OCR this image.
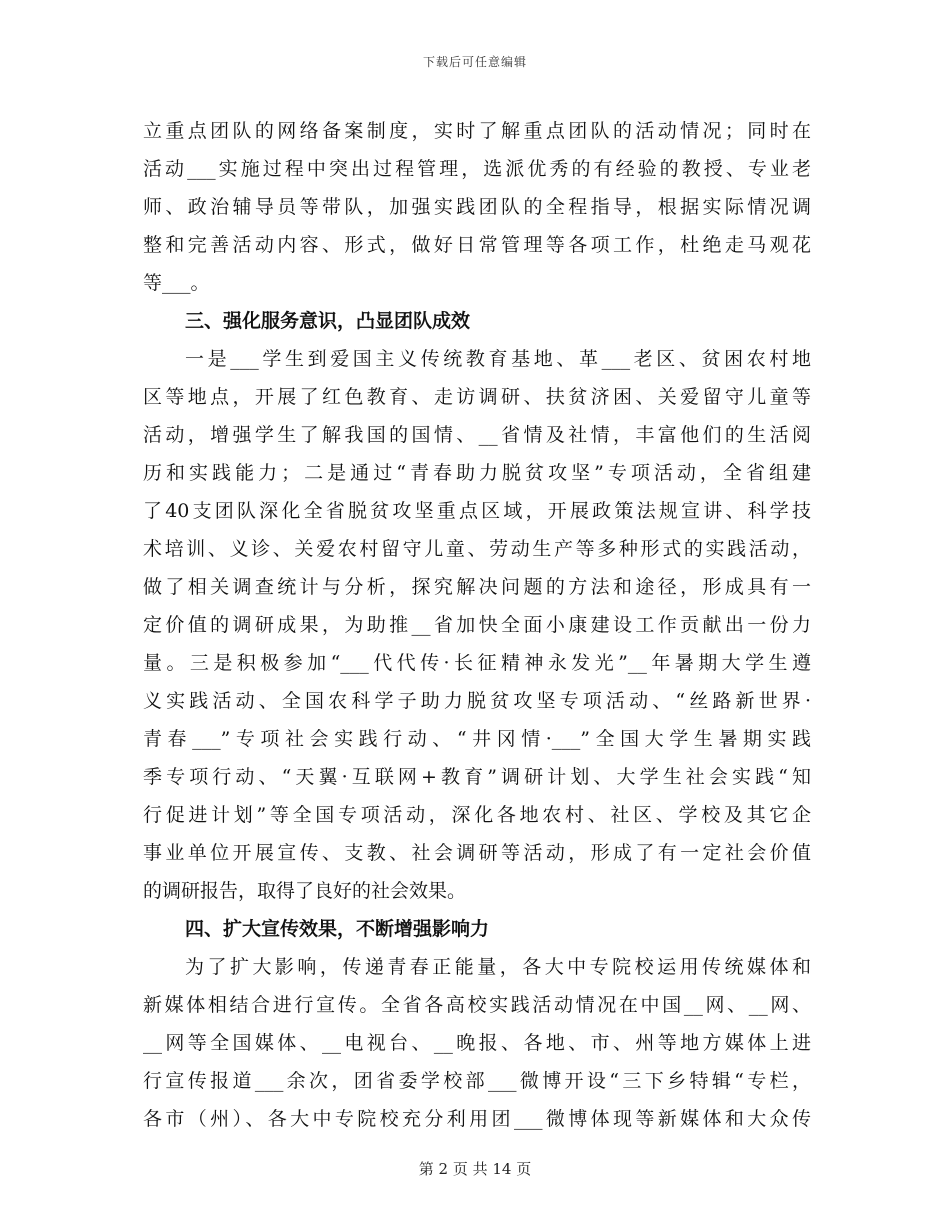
下载后可任意编辑
立重点团队的网络备案制度，实时了解重点团队的活动情况；同时在
活动___实施过程中突出过程管理，选派优秀的有经验的教授、专业老
师、政治辅导员等带队，加强实践团队的全程指导，根据实际情况调
整和完善活动内容、形式，做好日常管理等各项工作，杜绝走马观花
等___。
三、强化服务意识，凸显团队成效
一是___学生到爱国主义传统教育基地、革___老区、贫困农村地
区等地点，开展了红色教育、走访调研、扶贫济困、关爱留守儿童等
活动，增强学生了解我国的国情、__省情及社情，丰富他们的生活阅
历和实践能力；二是通过“青春助力脱贫攻坚”专项活动，全省组建
了40支团队深化全省脱贫攻坚重点区域，开展政策法规宣讲、科学技
术培训、义诊、关爱农村留守儿童、劳动生产等多种形式的实践活动，
做了相关调查统计与分析，探究解决问题的方法和途径，形成具有一
定价值的调研成果，为助推__省加快全面小康建设工作贡献出一份力
量。三是积极参加“___代代传·长征精神永发光”__年暑期大学生遵
义实践活动、全国农科学子助力脱贫攻坚专项活动、“丝路新世界·
青春___”专项社会实践行动、“井冈情·___”全国大学生暑期实践
季专项行动、“天翼·互联网+教育”调研计划、大学生社会实践“知
行促进计划”等全国专项活动，深化各地农村、社区、学校及其它企
事业单位开展宣传、支教、社会调研等活动，形成了有一定社会价值
的调研报告，取得了良好的社会效果。
四、扩大宣传效果，不断增强影响力
为了扩大影响，传递青春正能量，各大中专院校运用传统媒体和
新媒体相结合进行宣传。全省各高校实践活动情况在中国__网、__网、
__网等全国媒体、__电视台、__晚报、各地、市、州等地方媒体上进
行宣传报道___余次，团省委学校部___微博开设“三下乡特辑“专栏，
各市（州）、各大中专院校充分利用团___微博体现等新媒体和大众传
第 2 页 共 14 页
